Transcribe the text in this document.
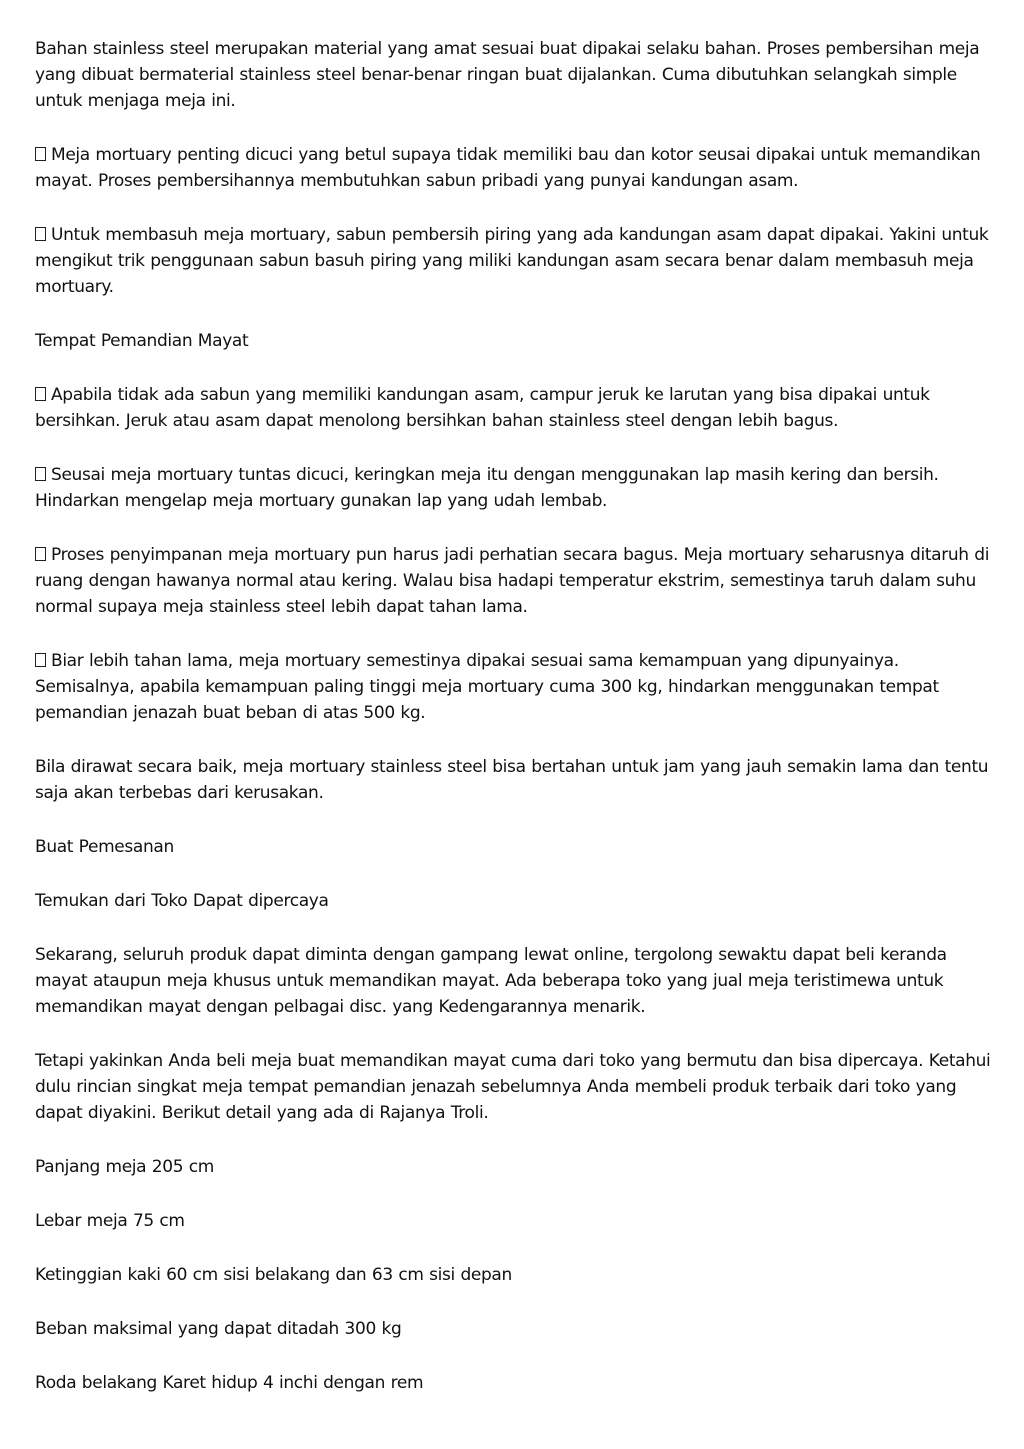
Bahan stainless steel merupakan material yang amat sesuai buat dipakai selaku bahan. Proses pembersihan meja yang dibuat bermaterial stainless steel benar-benar ringan buat dijalankan. Cuma dibutuhkan selangkah simple untuk menjaga meja ini.

Meja mortuary penting dicuci yang betul supaya tidak memiliki bau dan kotor seusai dipakai untuk memandikan mayat. Proses pembersihannya membutuhkan sabun pribadi yang punyai kandungan asam.

Untuk membasuh meja mortuary, sabun pembersih piring yang ada kandungan asam dapat dipakai. Yakini untuk mengikut trik penggunaan sabun basuh piring yang miliki kandungan asam secara benar dalam membasuh meja mortuary.

Tempat Pemandian Mayat

Apabila tidak ada sabun yang memiliki kandungan asam, campur jeruk ke larutan yang bisa dipakai untuk bersihkan. Jeruk atau asam dapat menolong bersihkan bahan stainless steel dengan lebih bagus.

Seusai meja mortuary tuntas dicuci, keringkan meja itu dengan menggunakan lap masih kering dan bersih. Hindarkan mengelap meja mortuary gunakan lap yang udah lembab.

Proses penyimpanan meja mortuary pun harus jadi perhatian secara bagus. Meja mortuary seharusnya ditaruh di ruang dengan hawanya normal atau kering. Walau bisa hadapi temperatur ekstrim, semestinya taruh dalam suhu normal supaya meja stainless steel lebih dapat tahan lama.

Biar lebih tahan lama, meja mortuary semestinya dipakai sesuai sama kemampuan yang dipunyainya. Semisalnya, apabila kemampuan paling tinggi meja mortuary cuma 300 kg, hindarkan menggunakan tempat pemandian jenazah buat beban di atas 500 kg.

Bila dirawat secara baik, meja mortuary stainless steel bisa bertahan untuk jam yang jauh semakin lama dan tentu saja akan terbebas dari kerusakan.

Buat Pemesanan

Temukan dari Toko Dapat dipercaya

Sekarang, seluruh produk dapat diminta dengan gampang lewat online, tergolong sewaktu dapat beli keranda mayat ataupun meja khusus untuk memandikan mayat. Ada beberapa toko yang jual meja teristimewa untuk memandikan mayat dengan pelbagai disc. yang Kedengarannya menarik.

Tetapi yakinkan Anda beli meja buat memandikan mayat cuma dari toko yang bermutu dan bisa dipercaya. Ketahui dulu rincian singkat meja tempat pemandian jenazah sebelumnya Anda membeli produk terbaik dari toko yang dapat diyakini. Berikut detail yang ada di Rajanya Troli.

Panjang meja 205 cm

Lebar meja 75 cm

Ketinggian kaki 60 cm sisi belakang dan 63 cm sisi depan

Beban maksimal yang dapat ditadah 300 kg

Roda belakang Karet hidup 4 inchi dengan rem
